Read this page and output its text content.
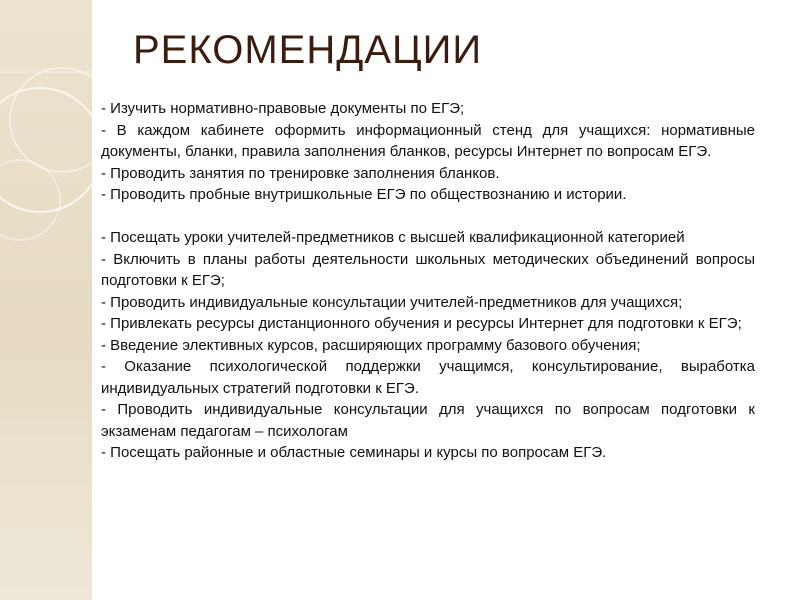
РЕКОМЕНДАЦИИ

- Изучить нормативно-правовые документы по ЕГЭ;

- В каждом кабинете оформить информационный стенд для учащихся: нормативные документы, бланки, правила заполнения бланков, ресурсы Интернет по вопросам ЕГЭ.

- Проводить занятия по тренировке заполнения бланков.

- Проводить пробные внутришкольные ЕГЭ по обществознанию и истории.

- Посещать уроки учителей-предметников с высшей квалификационной категорией

- Включить в планы работы деятельности школьных методических объединений вопросы подготовки к ЕГЭ;

- Проводить индивидуальные консультации учителей-предметников для учащихся;

- Привлекать ресурсы дистанционного обучения и ресурсы Интернет для подготовки к ЕГЭ;

- Введение элективных курсов, расширяющих программу базового обучения;

- Оказание психологической поддержки учащимся, консультирование, выработка индивидуальных стратегий подготовки к ЕГЭ.

- Проводить индивидуальные консультации для учащихся по вопросам подготовки к экзаменам педагогам – психологам

- Посещать районные и областные семинары и курсы по вопросам ЕГЭ.
